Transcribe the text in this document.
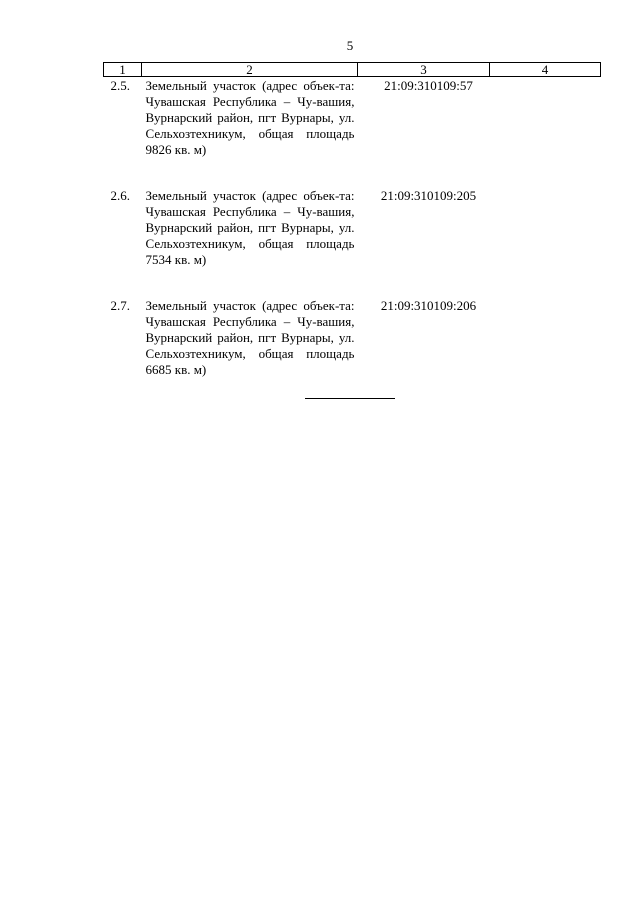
5
1	2	3	4
2.5.	Земельный участок (адрес объек-та: Чувашская Республика – Чу-вашия, Вурнарский район, пгт Вурнары, ул. Сельхозтехникум, общая площадь 9826 кв. м)	21:09:310109:57	
2.6.	Земельный участок (адрес объек-та: Чувашская Республика – Чу-вашия, Вурнарский район, пгт Вурнары, ул. Сельхозтехникум, общая площадь 7534 кв. м)	21:09:310109:205	
2.7.	Земельный участок (адрес объек-та: Чувашская Республика – Чу-вашия, Вурнарский район, пгт Вурнары, ул. Сельхозтехникум, общая площадь 6685 кв. м)	21:09:310109:206	
